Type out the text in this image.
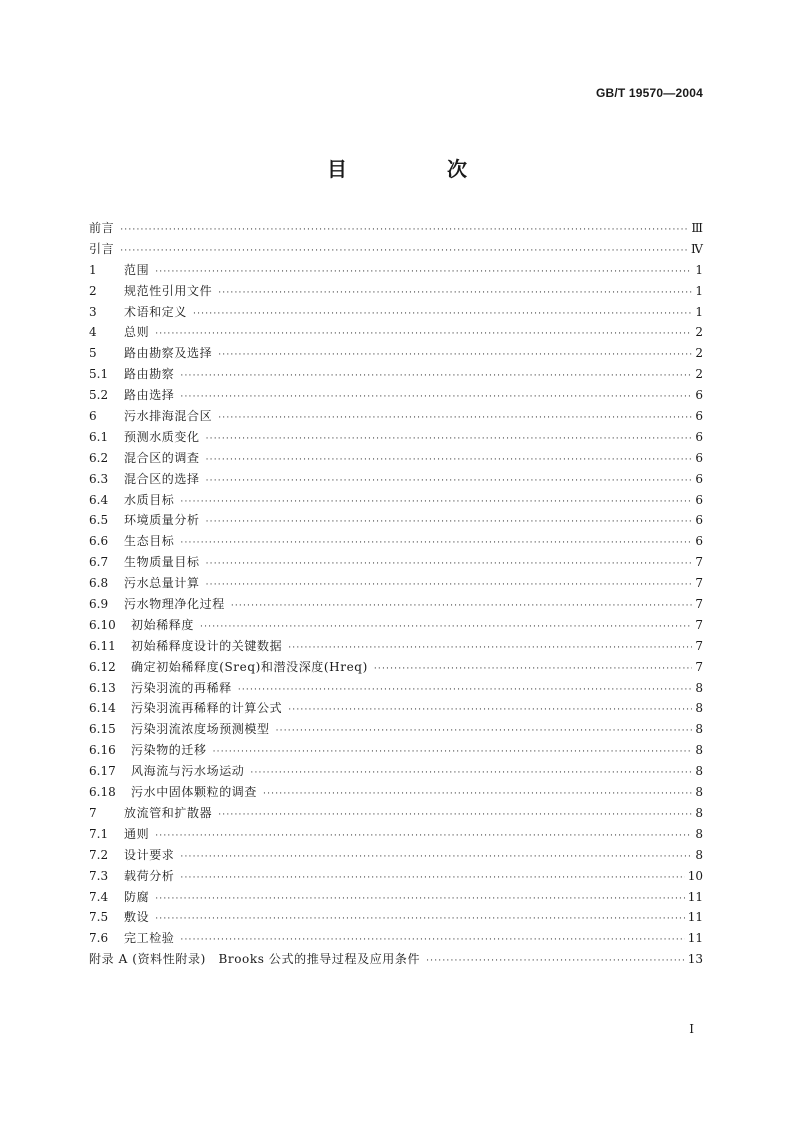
GB/T 19570—2004
目　次
前言 ·····	Ⅲ
引言 ·····	Ⅳ
1	范围 ·····	1
2	规范性引用文件 ·····	1
3	术语和定义 ·····	1
4	总则 ·····	2
5	路由勘察及选择 ·····	2
5.1	路由勘察 ·····	2
5.2	路由选择 ·····	6
6	污水排海混合区 ·····	6
6.1	预测水质变化 ·····	6
6.2	混合区的调查 ·····	6
6.3	混合区的选择 ·····	6
6.4	水质目标 ·····	6
6.5	环境质量分析 ·····	6
6.6	生态目标 ·····	6
6.7	生物质量目标 ·····	7
6.8	污水总量计算 ·····	7
6.9	污水物理净化过程 ·····	7
6.10	初始稀释度 ·····	7
6.11	初始稀释度设计的关键数据 ·····	7
6.12	确定初始稀释度(Sreq)和潜没深度(Hreq) ·····	7
6.13	污染羽流的再稀释 ·····	8
6.14	污染羽流再稀释的计算公式 ·····	8
6.15	污染羽流浓度场预测模型 ·····	8
6.16	污染物的迁移 ·····	8
6.17	风海流与污水场运动 ·····	8
6.18	污水中固体颗粒的调查 ·····	8
7	放流管和扩散器 ·····	8
7.1	通则 ·····	8
7.2	设计要求 ·····	8
7.3	载荷分析 ·····	10
7.4	防腐 ·····	11
7.5	敷设 ·····	11
7.6	完工检验 ·····	11
附录 A (资料性附录)　Brooks 公式的推导过程及应用条件 ·····	13
I
